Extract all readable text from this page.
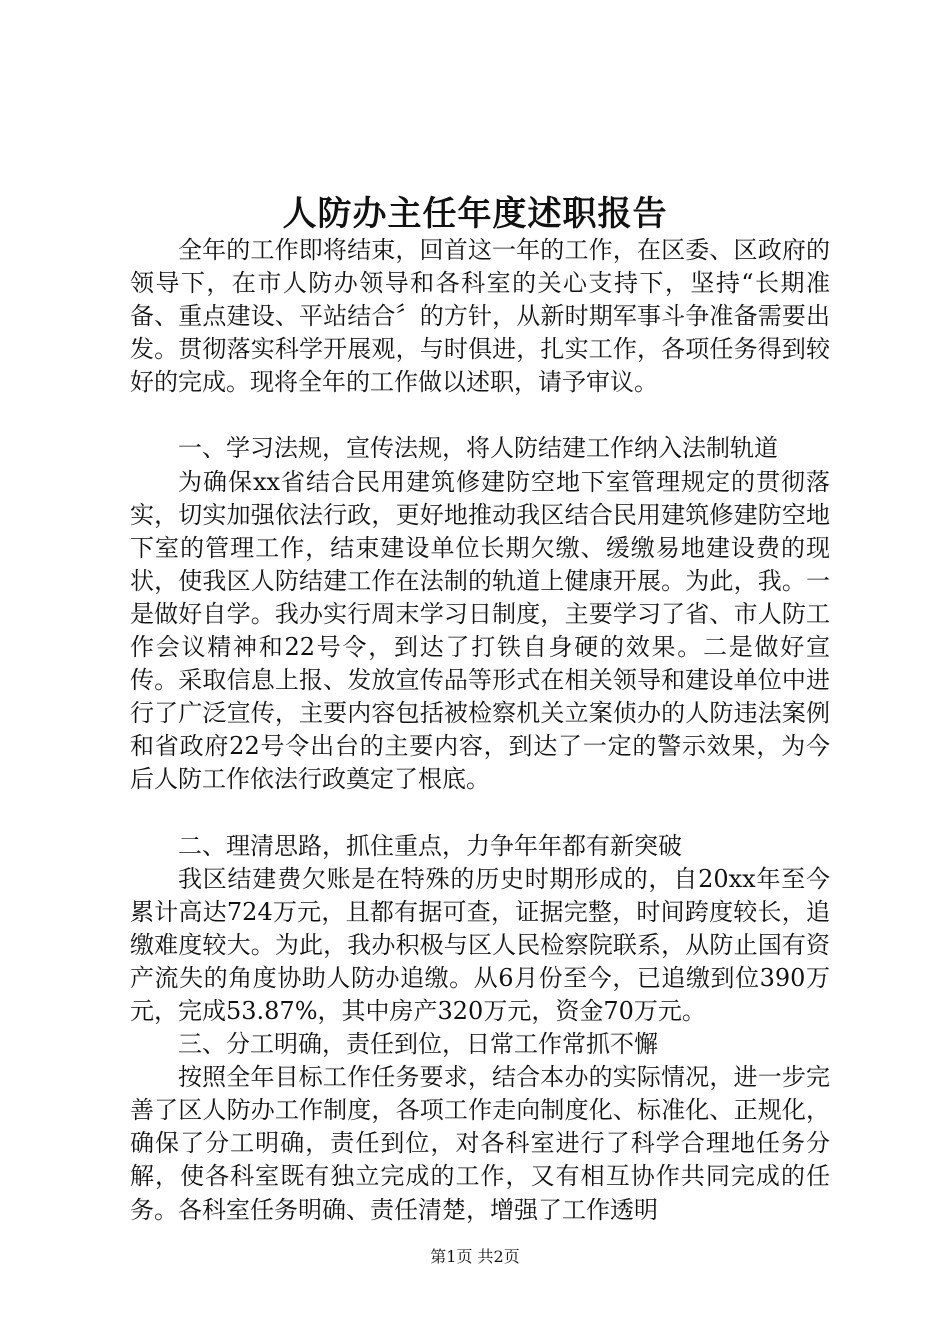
人防办主任年度述职报告

全年的工作即将结束，回首这一年的工作，在区委、区政府的领导下，在市人防办领导和各科室的关心支持下，坚持“长期准备、重点建设、平站结合〞的方针，从新时期军事斗争准备需要出发。贯彻落实科学开展观，与时俱进，扎实工作，各项任务得到较好的完成。现将全年的工作做以述职，请予审议。

一、学习法规，宣传法规，将人防结建工作纳入法制轨道

为确保xx省结合民用建筑修建防空地下室管理规定的贯彻落实，切实加强依法行政，更好地推动我区结合民用建筑修建防空地下室的管理工作，结束建设单位长期欠缴、缓缴易地建设费的现状，使我区人防结建工作在法制的轨道上健康开展。为此，我。一是做好自学。我办实行周末学习日制度，主要学习了省、市人防工作会议精神和22号令，到达了打铁自身硬的效果。二是做好宣传。采取信息上报、发放宣传品等形式在相关领导和建设单位中进行了广泛宣传，主要内容包括被检察机关立案侦办的人防违法案例和省政府22号令出台的主要内容，到达了一定的警示效果，为今后人防工作依法行政奠定了根底。

二、理清思路，抓住重点，力争年年都有新突破

我区结建费欠账是在特殊的历史时期形成的，自20xx年至今累计高达724万元，且都有据可查，证据完整，时间跨度较长，追缴难度较大。为此，我办积极与区人民检察院联系，从防止国有资产流失的角度协助人防办追缴。从6月份至今，已追缴到位390万元，完成53.87%，其中房产320万元，资金70万元。

三、分工明确，责任到位，日常工作常抓不懈

按照全年目标工作任务要求，结合本办的实际情况，进一步完善了区人防办工作制度，各项工作走向制度化、标准化、正规化，确保了分工明确，责任到位，对各科室进行了科学合理地任务分解，使各科室既有独立完成的工作，又有相互协作共同完成的任务。各科室任务明确、责任清楚，增强了工作透明

第1页 共2页
